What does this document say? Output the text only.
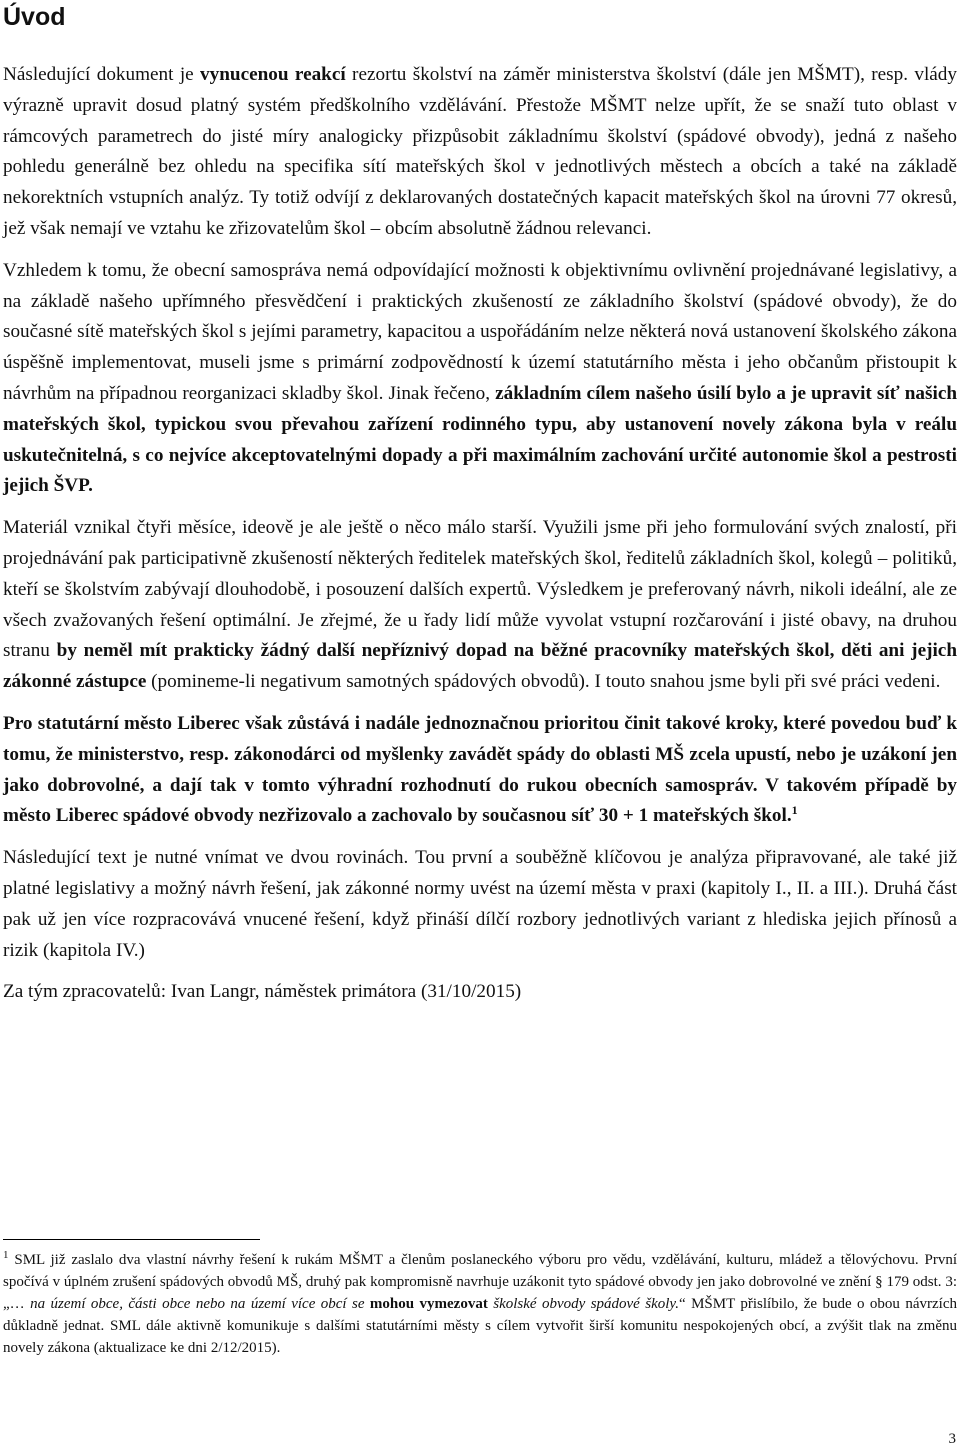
Úvod

Následující dokument je vynucenou reakcí rezortu školství na záměr ministerstva školství (dále jen MŠMT), resp. vlády výrazně upravit dosud platný systém předškolního vzdělávání. Přestože MŠMT nelze upřít, že se snaží tuto oblast v rámcových parametrech do jisté míry analogicky přizpůsobit základnímu školství (spádové obvody), jedná z našeho pohledu generálně bez ohledu na specifika sítí mateřských škol v jednotlivých městech a obcích a také na základě nekorektních vstupních analýz. Ty totiž odvíjí z deklarovaných dostatečných kapacit mateřských škol na úrovni 77 okresů, jež však nemají ve vztahu ke zřizovatelům škol – obcím absolutně žádnou relevanci.

Vzhledem k tomu, že obecní samospráva nemá odpovídající možnosti k objektivnímu ovlivnění projednávané legislativy, a na základě našeho upřímného přesvědčení i praktických zkušeností ze základního školství (spádové obvody), že do současné sítě mateřských škol s jejími parametry, kapacitou a uspořádáním nelze některá nová ustanovení školského zákona úspěšně implementovat, museli jsme s primární zodpovědností k území statutárního města i jeho občanům přistoupit k návrhům na případnou reorganizaci skladby škol. Jinak řečeno, základním cílem našeho úsilí bylo a je upravit síť našich mateřských škol, typickou svou převahou zařízení rodinného typu, aby ustanovení novely zákona byla v reálu uskutečnitelná, s co nejvíce akceptovatelnými dopady a při maximálním zachování určité autonomie škol a pestrosti jejich ŠVP.

Materiál vznikal čtyři měsíce, ideově je ale ještě o něco málo starší. Využili jsme při jeho formulování svých znalostí, při projednávání pak participativně zkušeností některých ředitelek mateřských škol, ředitelů základních škol, kolegů – politiků, kteří se školstvím zabývají dlouhodobě, i posouzení dalších expertů. Výsledkem je preferovaný návrh, nikoli ideální, ale ze všech zvažovaných řešení optimální. Je zřejmé, že u řady lidí může vyvolat vstupní rozčarování i jisté obavy, na druhou stranu by neměl mít prakticky žádný další nepříznivý dopad na běžné pracovníky mateřských škol, děti ani jejich zákonné zástupce (pomineme-li negativum samotných spádových obvodů). I touto snahou jsme byli při své práci vedeni.

Pro statutární město Liberec však zůstává i nadále jednoznačnou prioritou činit takové kroky, které povedou buď k tomu, že ministerstvo, resp. zákonodárci od myšlenky zavádět spády do oblasti MŠ zcela upustí, nebo je uzákoní jen jako dobrovolné, a dají tak v tomto výhradní rozhodnutí do rukou obecních samospráv. V takovém případě by město Liberec spádové obvody nezřizovalo a zachovalo by současnou síť 30 + 1 mateřských škol.$^1$

Následující text je nutné vnímat ve dvou rovinách. Tou první a souběžně klíčovou je analýza připravované, ale také již platné legislativy a možný návrh řešení, jak zákonné normy uvést na území města v praxi (kapitoly I., II. a III.). Druhá část pak už jen více rozpracovává vnucené řešení, když přináší dílčí rozbory jednotlivých variant z hlediska jejich přínosů a rizik (kapitola IV.)

Za tým zpracovatelů: Ivan Langr, náměstek primátora (31/10/2015)

$^1$ SML již zaslalo dva vlastní návrhy řešení k rukám MŠMT a členům poslaneckého výboru pro vědu, vzdělávání, kulturu, mládež a tělovýchovu. První spočívá v úplném zrušení spádových obvodů MŠ, druhý pak kompromisně navrhuje uzákonit tyto spádové obvody jen jako dobrovolné ve znění § 179 odst. 3: „… na území obce, části obce nebo na území více obcí se mohou vymezovat školské obvody spádové školy.“ MŠMT přislíbilo, že bude o obou návrzích důkladně jednat. SML dále aktivně komunikuje s dalšími statutárními městy s cílem vytvořit širší komunitu nespokojených obcí, a zvýšit tlak na změnu novely zákona (aktualizace ke dni 2/12/2015).
3
